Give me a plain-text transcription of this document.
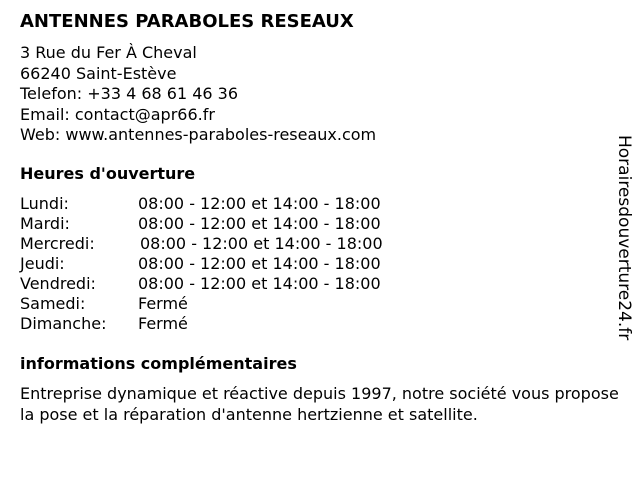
ANTENNES PARABOLES RESEAUX
3 Rue du Fer À Cheval
66240 Saint-Estève
Telefon: +33 4 68 61 46 36
Email: contact@apr66.fr
Web: www.antennes-paraboles-reseaux.com
Heures d'ouverture
Lundi:	08:00 - 12:00 et 14:00 - 18:00
Mardi:	08:00 - 12:00 et 14:00 - 18:00
Mercredi:	08:00 - 12:00 et 14:00 - 18:00
Jeudi:	08:00 - 12:00 et 14:00 - 18:00
Vendredi:	08:00 - 12:00 et 14:00 - 18:00
Samedi:	Fermé
Dimanche: Fermé
informations complémentaires
Entreprise dynamique et réactive depuis 1997, notre société vous propose la pose et la réparation d'antenne hertzienne et satellite.
Horairesdouverture24.fr
